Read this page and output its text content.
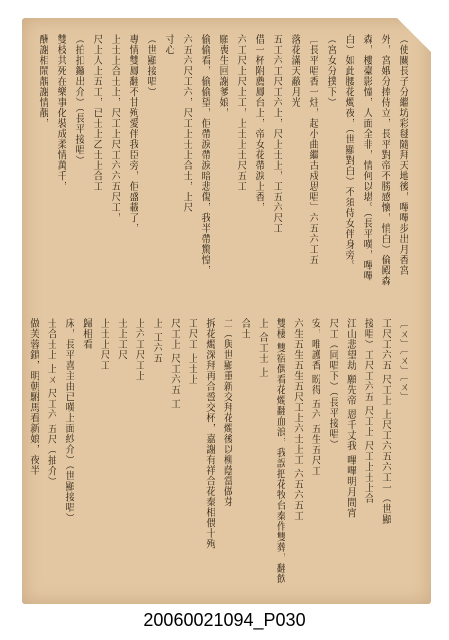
（使關長子分繼坊彩毬隨拜天地後，嗶嗶步出月香宮
外，宮娥分捧侍立，長平對帝不勝感懷，悄白）倫殿森
森，樓臺影憧，人面全非，情何以堪。（長平嘆，嗶嗶
白）如此腰花燭夜，（世顯對白）不須侍女伴身旁。
（宮女分撲下）
〔長平唱香一炷，起小曲繼古戍思唱〕六五六工五
落花滿天蔽月光
五工六工尺工六上，尺上士上，工五六尺工
借一杯附薦鳳台上，帝女花帶淚上香，
六工尺上尺上工，上士上士尺五工
願喪生回謝爹娘，
偷偷看，偷偷望，佢帶淚帶淚暗悲傷，我半帶驚惶，
六五六尺工六，尺工上士上合士，上尺
寸心
（世顯接唱）
專情雙鳳翻不甘殉愛伴我臣旁，佢盛載了，
上士上合士上，尺工上尺工六六五尺工，
尺上人上五工，已士上乙士上合工
（拍扣鑼出介）（長平接唱）
雙枝共死在樂事化裝成柔情萬千，
酬謝相鬧靚謝情靚，
〔ㄨ〕〔ㄨ〕〔ㄨ〕
工尺工六五 尺工上 上尺工六五六工一（世顯
接唱）工尺工六五 尺工上 尺工上士上合
江山悲望劫 願先帝 恩千丈我 嗶嗶明月間宵
尺工（同唱下）（長平接唱）
安，唯護香 盼得 五六 五生五尺工
六生五生五生五尺工上六士上工 六五六五工
雙棲 雙宿偶看花燭翻血浪，我誤把花牧台秦作雙葬，翻飲
上 合工士 上
合士
二（與世顯重新交拜花燭後以柳蔭當做芽
拆花燭深拜再合巹交杯，嘉謝有祥合花秦相偎十殉
工尺工 上士上
尺工上 尺工六五 工
上 工六五
上六工尺工上
士上工尺
上士上尺工
歸相看
床，長平喜主由已嘆上面紗介）（世顯接唱）
士合士上 上ㄨ 尺工六 五尺（抽介）
做芙蓉鎖，明朝駙馬看新娘，夜半
20060021094_P030
